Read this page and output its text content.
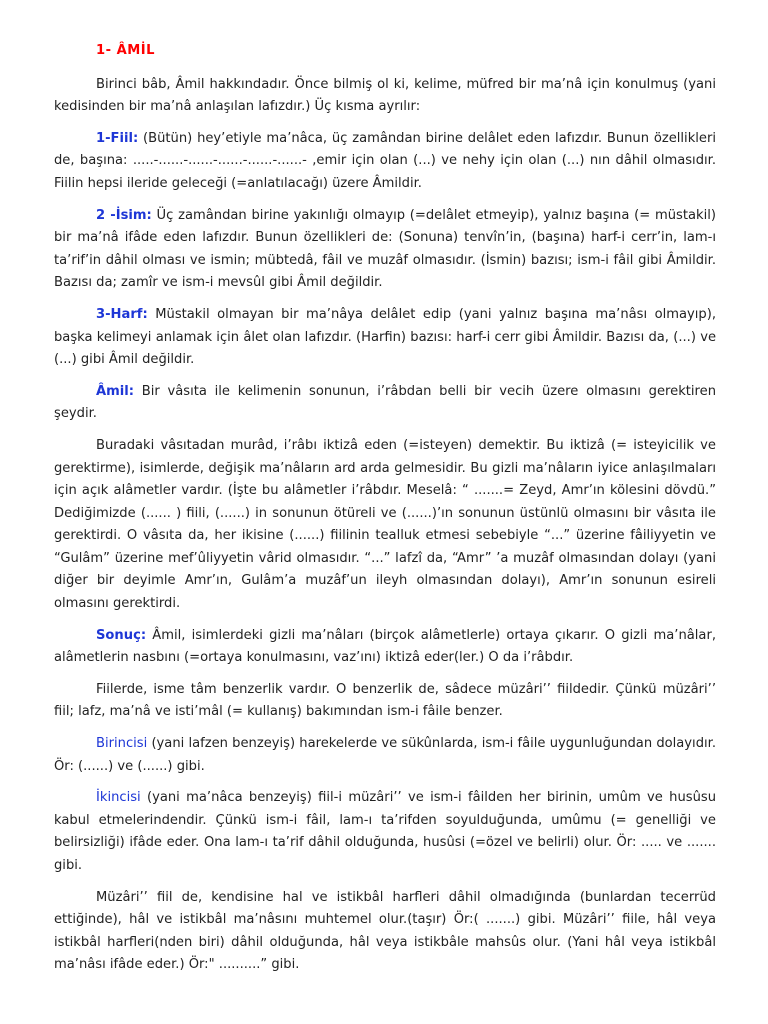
1- ÂMİL

Birinci bâb, Âmil hakkındadır. Önce bilmiş ol ki, kelime, müfred bir ma’nâ için konulmuş (yani kedisinden bir ma’nâ anlaşılan lafızdır.) Üç kısma ayrılır:

1-Fiil: (Bütün) hey’etiyle ma’nâca, üç zamândan birine delâlet eden lafızdır. Bunun özellikleri de, başına: .....-......-......-......-......-......- ,emir için olan (...) ve nehy için olan (...) nın dâhil olmasıdır. Fiilin hepsi ileride geleceği (=anlatılacağı) üzere Âmildir.

2 -İsim: Üç zamândan birine yakınlığı olmayıp (=delâlet etmeyip), yalnız başına (= müstakil) bir ma’nâ ifâde eden lafızdır. Bunun özellikleri de: (Sonuna) tenvîn’in, (başına) harf-i cerr’in, lam-ı ta’rif’in dâhil olması ve ismin; mübtedâ, fâil ve muzâf olmasıdır. (İsmin) bazısı; ism-i fâil gibi Âmildir. Bazısı da; zamîr ve ism-i mevsûl gibi Âmil değildir.

3-Harf: Müstakil olmayan bir ma’nâya delâlet edip (yani yalnız başına ma’nâsı olmayıp), başka kelimeyi anlamak için âlet olan lafızdır. (Harfin) bazısı: harf-i cerr gibi Âmildir. Bazısı da, (...) ve (...) gibi Âmil değildir.

Âmil: Bir vâsıta ile kelimenin sonunun, i’râbdan belli bir vecih üzere olmasını gerektiren şeydir.

Buradaki vâsıtadan murâd, i’râbı iktizâ eden (=isteyen) demektir. Bu iktizâ (= isteyicilik ve gerektirme), isimlerde, değişik ma’nâların ard arda gelmesidir. Bu gizli ma’nâların iyice anlaşılmaları için açık alâmetler vardır. (İşte bu alâmetler i’râbdır. Meselâ: “ .......= Zeyd, Amr’ın kölesini dövdü.” Dediğimizde (...... ) fiili, (......) in sonunun ötüreli ve (......)’ın sonunun üstünlü olmasını bir vâsıta ile gerektirdi. O vâsıta da, her ikisine (......) fiilinin tealluk etmesi sebebiyle “...” üzerine fâiliyyetin ve “Gulâm” üzerine mef’ûliyyetin vârid olmasıdır. “...” lafzî da, “Amr” ’a muzâf olmasından dolayı (yani diğer bir deyimle Amr’ın, Gulâm’a muzâf’un ileyh olmasından dolayı), Amr’ın sonunun esireli olmasını gerektirdi.

Sonuç: Âmil, isimlerdeki gizli ma’nâları (birçok alâmetlerle) ortaya çıkarır. O gizli ma’nâlar, alâmetlerin nasbını (=ortaya konulmasını, vaz’ını) iktizâ eder(ler.) O da i’râbdır.

Fiilerde, isme tâm benzerlik vardır. O benzerlik de, sâdece müzâri’’ fiildedir. Çünkü müzâri’’ fiil; lafz, ma’nâ ve isti’mâl (= kullanış) bakımından ism-i fâile benzer.

Birincisi (yani lafzen benzeyiş) harekelerde ve sükûnlarda, ism-i fâile uygunluğundan dolayıdır. Ör: (......) ve (......) gibi.

İkincisi (yani ma’nâca benzeyiş) fiil-i müzâri’’ ve ism-i fâilden her birinin, umûm ve husûsu kabul etmelerindendir. Çünkü ism-i fâil, lam-ı ta’rifden soyulduğunda, umûmu (= genelliği ve belirsizliği) ifâde eder. Ona lam-ı ta’rif dâhil olduğunda, husûsi (=özel ve belirli) olur. Ör: ..... ve ....... gibi.

Müzâri’’ fiil de, kendisine hal ve istikbâl harfleri dâhil olmadığında (bunlardan tecerrüd ettiğinde), hâl ve istikbâl ma’nâsını muhtemel olur.(taşır) Ör:( .......) gibi. Müzâri’’ fiile, hâl veya istikbâl harfleri(nden biri) dâhil olduğunda, hâl veya istikbâle mahsûs olur. (Yani hâl veya istikbâl ma’nâsı ifâde eder.) Ör:" ..........” gibi.
